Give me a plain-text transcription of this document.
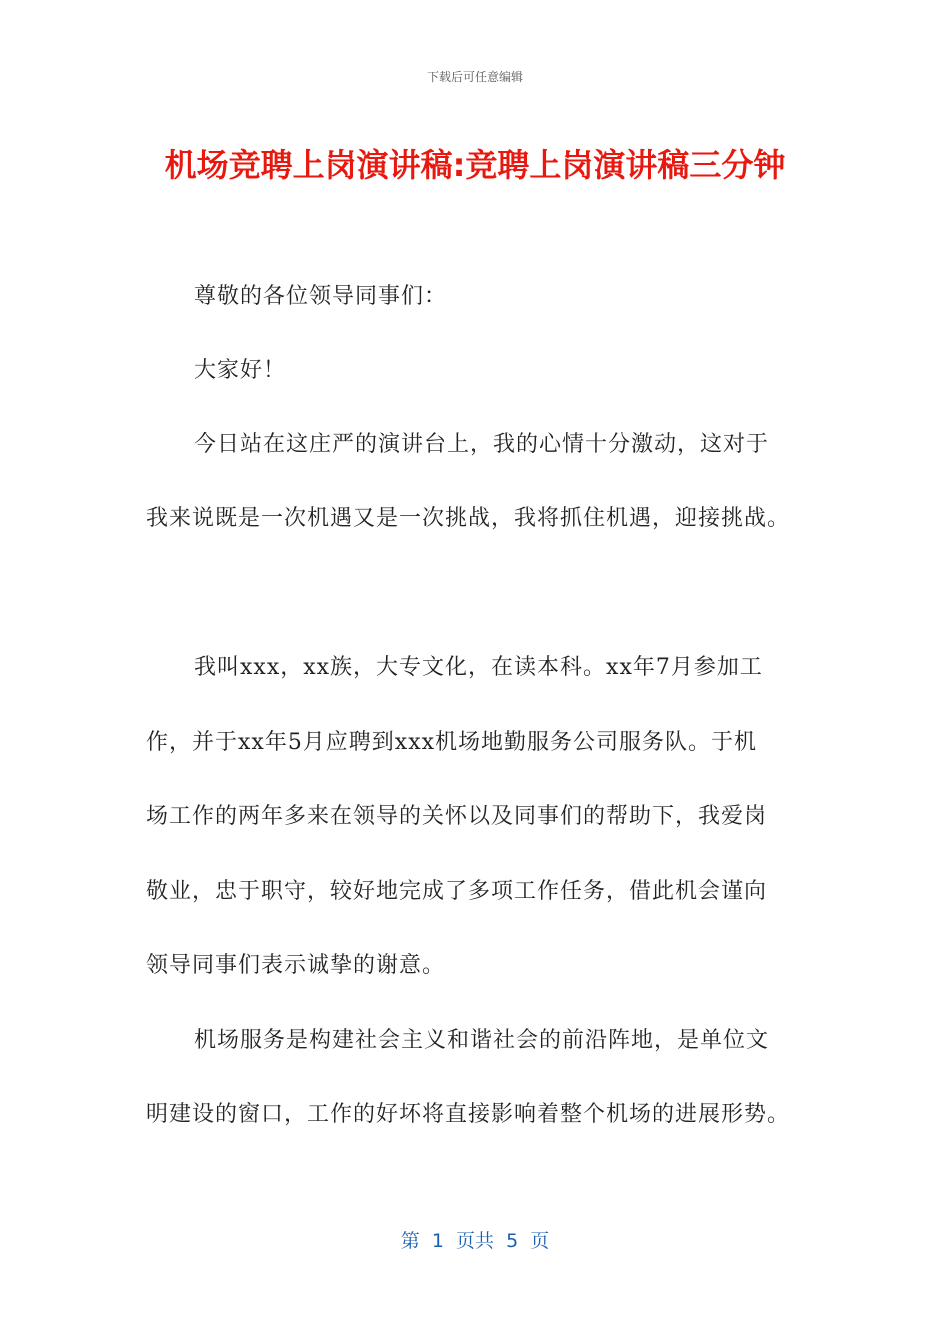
下载后可任意编辑
机场竞聘上岗演讲稿:竞聘上岗演讲稿三分钟
尊敬的各位领导同事们：
大家好！
今日站在这庄严的演讲台上，我的心情十分激动，这对于
我来说既是一次机遇又是一次挑战，我将抓住机遇，迎接挑战。
我叫xxx，xx族，大专文化，在读本科。xx年7月参加工
作，并于xx年5月应聘到xxx机场地勤服务公司服务队。于机
场工作的两年多来在领导的关怀以及同事们的帮助下，我爱岗
敬业，忠于职守，较好地完成了多项工作任务，借此机会谨向
领导同事们表示诚挚的谢意。
机场服务是构建社会主义和谐社会的前沿阵地，是单位文
明建设的窗口，工作的好坏将直接影响着整个机场的进展形势。
第  1  页共  5  页
